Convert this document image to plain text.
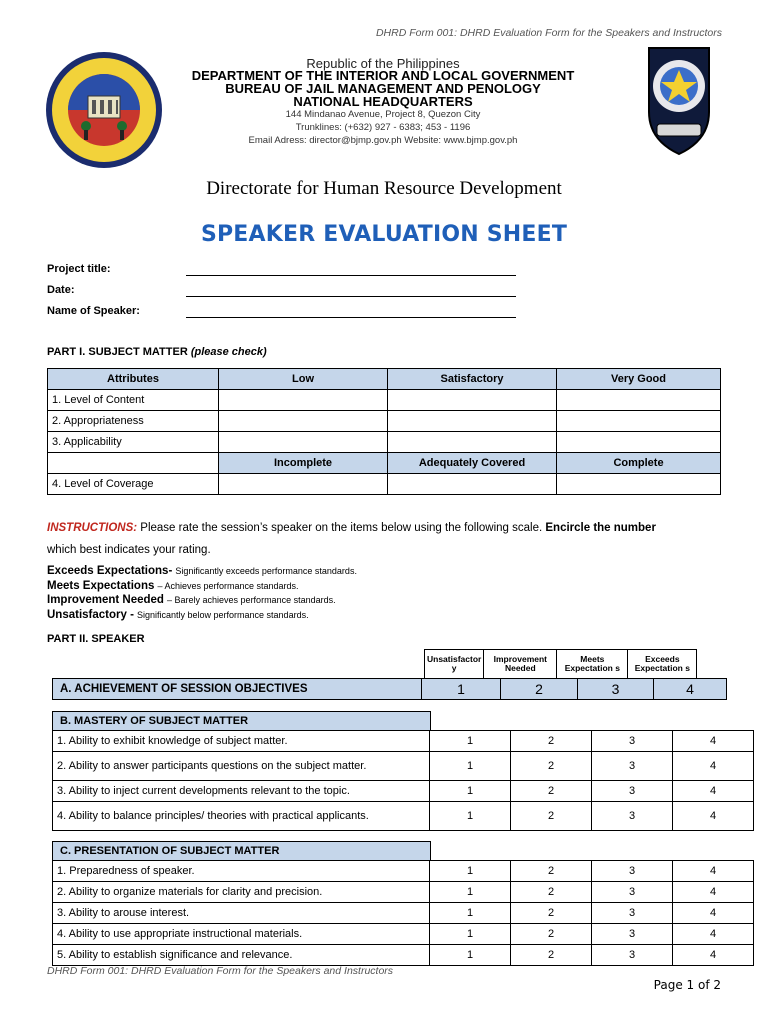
DHRD Form 001: DHRD Evaluation Form for the Speakers and Instructors
Republic of the Philippines
DEPARTMENT OF THE INTERIOR AND LOCAL GOVERNMENT
BUREAU OF JAIL MANAGEMENT AND PENOLOGY
NATIONAL HEADQUARTERS
144 Mindanao Avenue, Project 8, Quezon City
Trunklines: (+632) 927 - 6383; 453 - 1196
Email Adress: director@bjmp.gov.ph Website: www.bjmp.gov.ph
Directorate for Human Resource Development
SPEAKER EVALUATION SHEET
Project title:
Date:
Name of Speaker:
PART I. SUBJECT MATTER (please check)
Attributes	Low	Satisfactory	Very Good
1. Level of Content			
2. Appropriateness			
3. Applicability			
	Incomplete	Adequately Covered	Complete
4. Level of Coverage			
INSTRUCTIONS: Please rate the session’s speaker on the items below using the following scale. Encircle the number
which best indicates your rating.
Exceeds Expectations- Significantly exceeds performance standards.
Meets Expectations – Achieves performance standards.
Improvement Needed – Barely achieves performance standards.
Unsatisfactory - Significantly below performance standards.
PART II. SPEAKER
Unsatisfactor y	Improvement Needed	Meets Expectation s	Exceeds Expectation s
A. ACHIEVEMENT OF SESSION OBJECTIVES	1	2	3	4
B. MASTERY OF SUBJECT MATTER
1. Ability to exhibit knowledge of subject matter.	1	2	3	4
2. Ability to answer participants questions on the subject matter.	1	2	3	4
3. Ability to inject current developments relevant to the topic.	1	2	3	4
4. Ability to balance principles/ theories with practical applicants.	1	2	3	4
C. PRESENTATION OF SUBJECT MATTER
1. Preparedness of speaker.	1	2	3	4
2. Ability to organize materials for clarity and precision.	1	2	3	4
3. Ability to arouse interest.	1	2	3	4
4. Ability to use appropriate instructional materials.	1	2	3	4
5. Ability to establish significance and relevance.	1	2	3	4
DHRD Form 001: DHRD Evaluation Form for the Speakers and Instructors
Page 1 of 2
